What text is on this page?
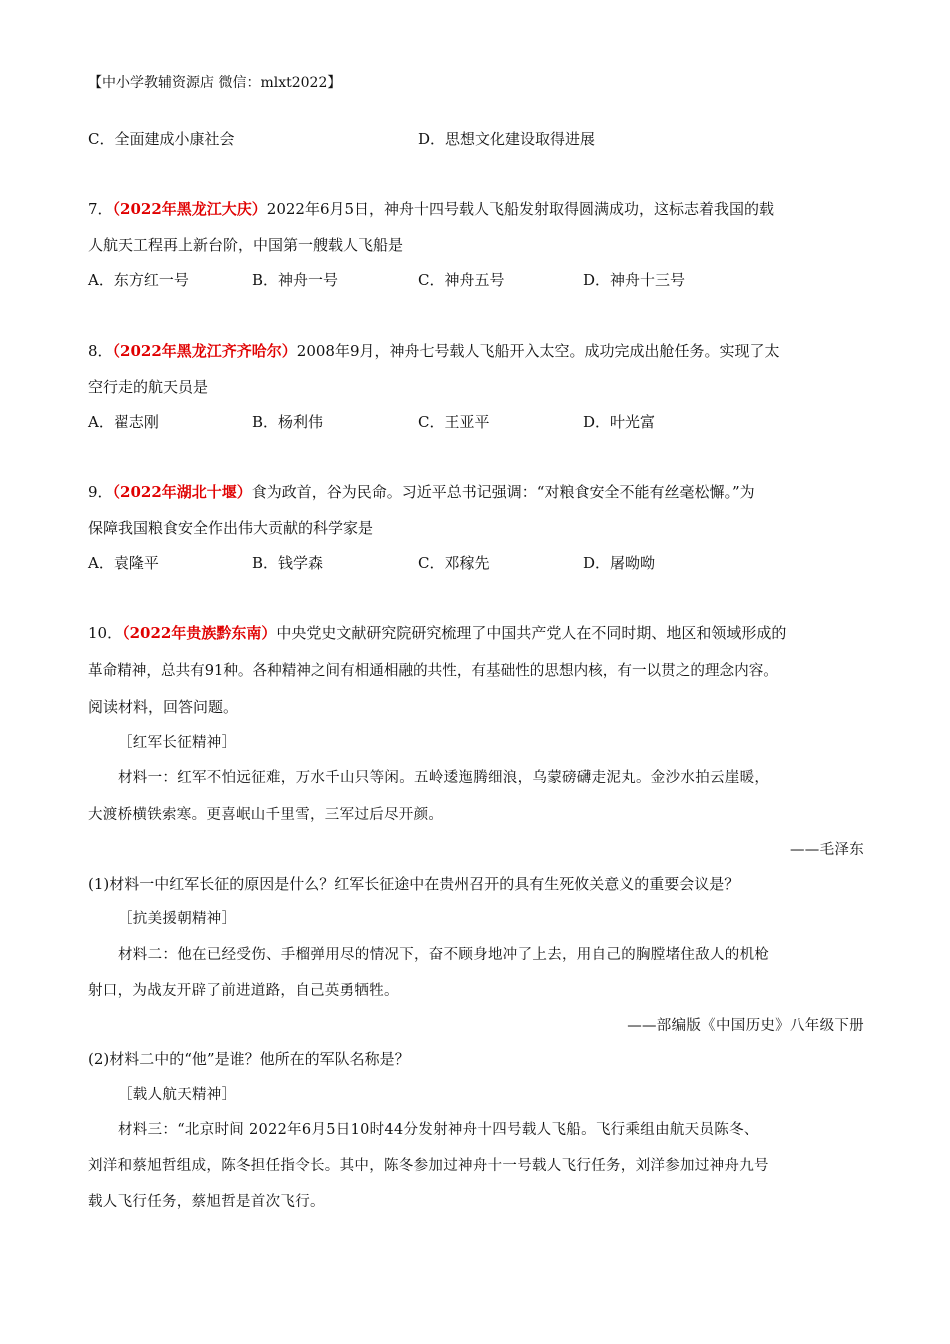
【中小学教辅资源店 微信：mlxt2022】
C．全面建成小康社会	D．思想文化建设取得进展
7．（2022年黑龙江大庆）2022年6月5日，神舟十四号载人飞船发射取得圆满成功，这标志着我国的载
人航天工程再上新台阶，中国第一艘载人飞船是
A．东方红一号	B．神舟一号	C．神舟五号	D．神舟十三号
8．（2022年黑龙江齐齐哈尔）2008年9月，神舟七号载人飞船开入太空。成功完成出舱任务。实现了太
空行走的航天员是
A．翟志刚	B．杨利伟	C．王亚平	D．叶光富
9．（2022年湖北十堰）食为政首，谷为民命。习近平总书记强调：“对粮食安全不能有丝毫松懈。”为
保障我国粮食安全作出伟大贡献的科学家是
A．袁隆平	B．钱学森	C．邓稼先	D．屠呦呦
10．（2022年贵族黔东南）中央党史文献研究院研究梳理了中国共产党人在不同时期、地区和领域形成的
革命精神，总共有91种。各种精神之间有相通相融的共性，有基础性的思想内核，有一以贯之的理念内容。
阅读材料，回答问题。
［红军长征精神］
材料一：红军不怕远征难，万水千山只等闲。五岭逶迤腾细浪，乌蒙磅礴走泥丸。金沙水拍云崖暖，
大渡桥横铁索寒。更喜岷山千里雪，三军过后尽开颜。
——毛泽东
(1)材料一中红军长征的原因是什么？红军长征途中在贵州召开的具有生死攸关意义的重要会议是？
［抗美援朝精神］
材料二：他在已经受伤、手榴弹用尽的情况下，奋不顾身地冲了上去，用自己的胸膛堵住敌人的机枪
射口，为战友开辟了前进道路，自己英勇牺牲。
——部编版《中国历史》八年级下册
(2)材料二中的“他”是谁？他所在的军队名称是？
［载人航天精神］
材料三：“北京时间 2022年6月5日10时44分发射神舟十四号载人飞船。飞行乘组由航天员陈冬、
刘洋和蔡旭哲组成，陈冬担任指令长。其中，陈冬参加过神舟十一号载人飞行任务，刘洋参加过神舟九号
载人飞行任务，蔡旭哲是首次飞行。
